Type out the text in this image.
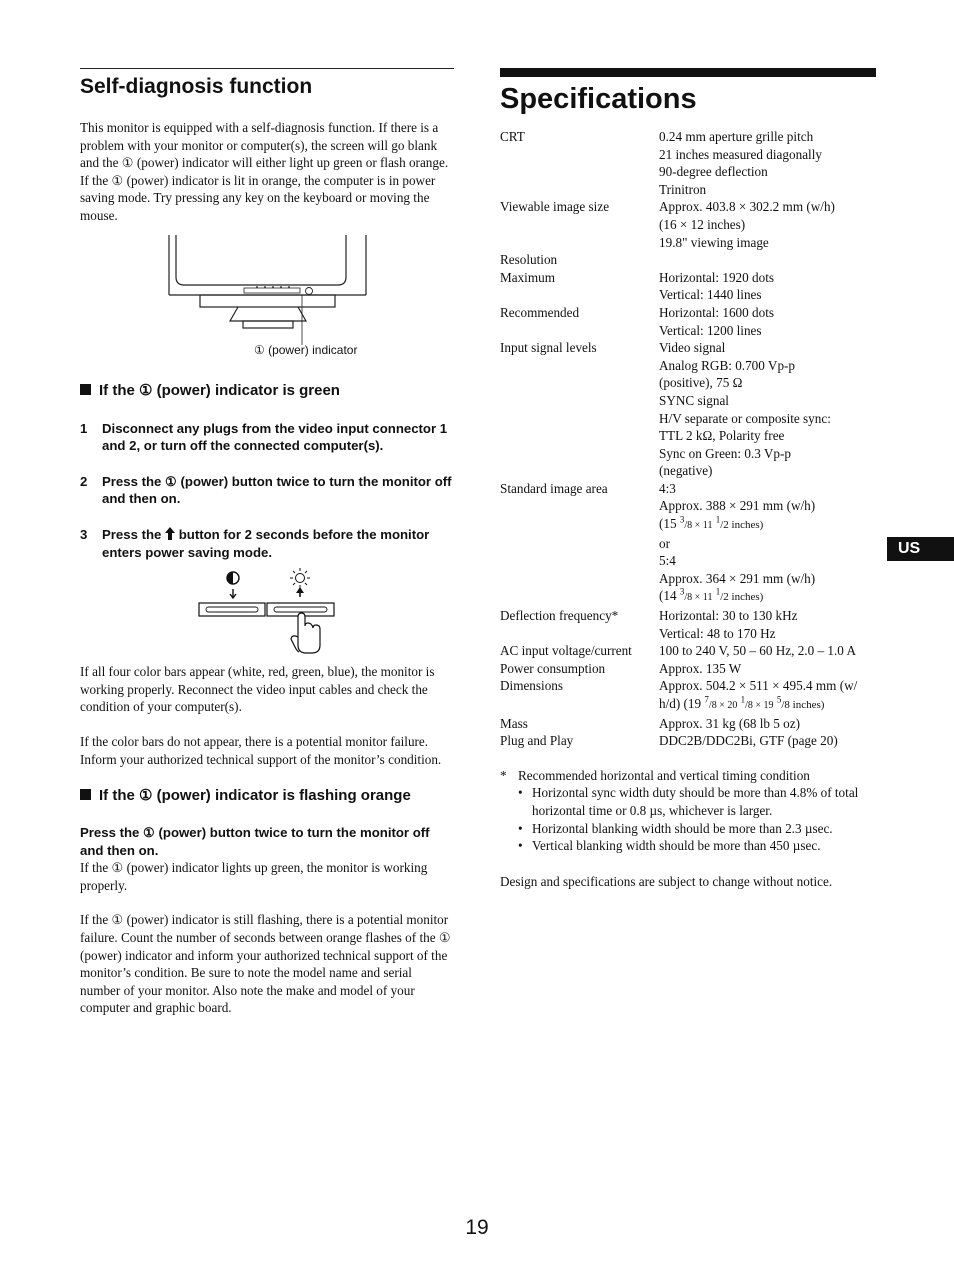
Self-diagnosis function

This monitor is equipped with a self-diagnosis function. If there is a problem with your monitor or computer(s), the screen will go blank and the ① (power) indicator will either light up green or flash orange. If the ① (power) indicator is lit in orange, the computer is in power saving mode. Try pressing any key on the keyboard or moving the mouse.

① (power) indicator
If the ① (power) indicator is green
1	Disconnect any plugs from the video input connector 1 and 2, or turn off the connected computer(s).
2	Press the ① (power) button twice to turn the monitor off and then on.
3	Press the button for 2 seconds before the monitor enters power saving mode.

If all four color bars appear (white, red, green, blue), the monitor is working properly. Reconnect the video input cables and check the condition of your computer(s).

If the color bars do not appear, there is a potential monitor failure. Inform your authorized technical support of the monitor’s condition.

If the ① (power) indicator is flashing orange

Press the ① (power) button twice to turn the monitor off and then on.

If the ① (power) indicator lights up green, the monitor is working properly.

If the ① (power) indicator is still flashing, there is a potential monitor failure. Count the number of seconds between orange flashes of the ① (power) indicator and inform your authorized technical support of the monitor’s condition. Be sure to note the model name and serial number of your monitor. Also note the make and model of your computer and graphic board.

Specifications
CRT	0.24 mm aperture grille pitch
	21 inches measured diagonally
	90-degree deflection
	Trinitron
Viewable image size	Approx. 403.8 × 302.2 mm (w/h)
	(16 × 12 inches)
	19.8" viewing image
Resolution	
Maximum	Horizontal: 1920 dots
	Vertical: 1440 lines
Recommended	Horizontal: 1600 dots
	Vertical: 1200 lines
Input signal levels	Video signal
	Analog RGB: 0.700 Vp-p
	(positive), 75 Ω
	SYNC signal
	H/V separate or composite sync:
	TTL 2 kΩ, Polarity free
	Sync on Green: 0.3 Vp-p
	(negative)
Standard image area	4:3
	Approx. 388 × 291 mm (w/h)
	(15 $^3$/8 × 11 $^1$/2 inches)
	or
	5:4
	Approx. 364 × 291 mm (w/h)
	(14 $^3$/8 × 11 $^1$/2 inches)
Deflection frequency*	Horizontal: 30 to 130 kHz
	Vertical: 48 to 170 Hz
AC input voltage/current	100 to 240 V, 50 – 60 Hz, 2.0 – 1.0 A
Power consumption	Approx. 135 W
Dimensions	Approx. 504.2 × 511 × 495.4 mm (w/
	h/d) (19 $^7$/8 × 20 $^1$/8 × 19 $^5$/8 inches)
Mass	Approx. 31 kg (68 lb 5 oz)
Plug and Play	DDC2B/DDC2Bi, GTF (page 20)
* Recommended horizontal and vertical timing condition
• Horizontal sync width duty should be more than 4.8% of total horizontal time or 0.8 µs, whichever is larger.
• Horizontal blanking width should be more than 2.3 µsec.
• Vertical blanking width should be more than 450 µsec.

Design and specifications are subject to change without notice.

US
19
